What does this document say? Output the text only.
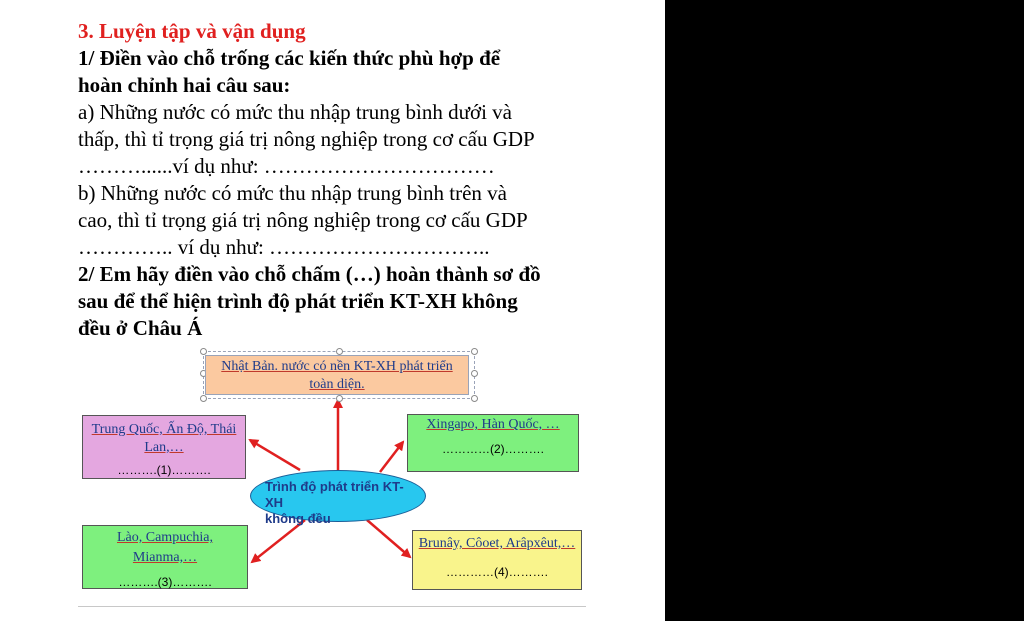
3. Luyện tập và vận dụng
1/ Điền vào chỗ trống các kiến thức phù hợp để
hoàn chỉnh hai câu sau:
a) Những nước có mức thu nhập trung bình dưới và
thấp, thì tỉ trọng giá trị nông nghiệp trong cơ cấu GDP
………......ví dụ như: ……………………………
b) Những nước có mức thu nhập trung bình trên và
cao, thì tỉ trọng giá trị nông nghiệp trong cơ cấu GDP
………….. ví dụ như: …………………………..
2/ Em hãy điền vào chỗ chấm (…) hoàn thành sơ đồ
sau để thể hiện trình độ phát triển KT-XH không
đều ở Châu Á
Nhật Bản. nước có nền KT-XH phát triển
toàn diện.
Trung Quốc, Ấn Độ, Thái
Lan,…
……….(1)……….
Xingapo, Hàn Quốc, …
…………(2)……….
Lào, Campuchia,
Mianma,…
……….(3)……….
Brunây, Côoet, Arâpxêut,…
…………(4)……….
Trình độ phát triển KT-XH
không đều
